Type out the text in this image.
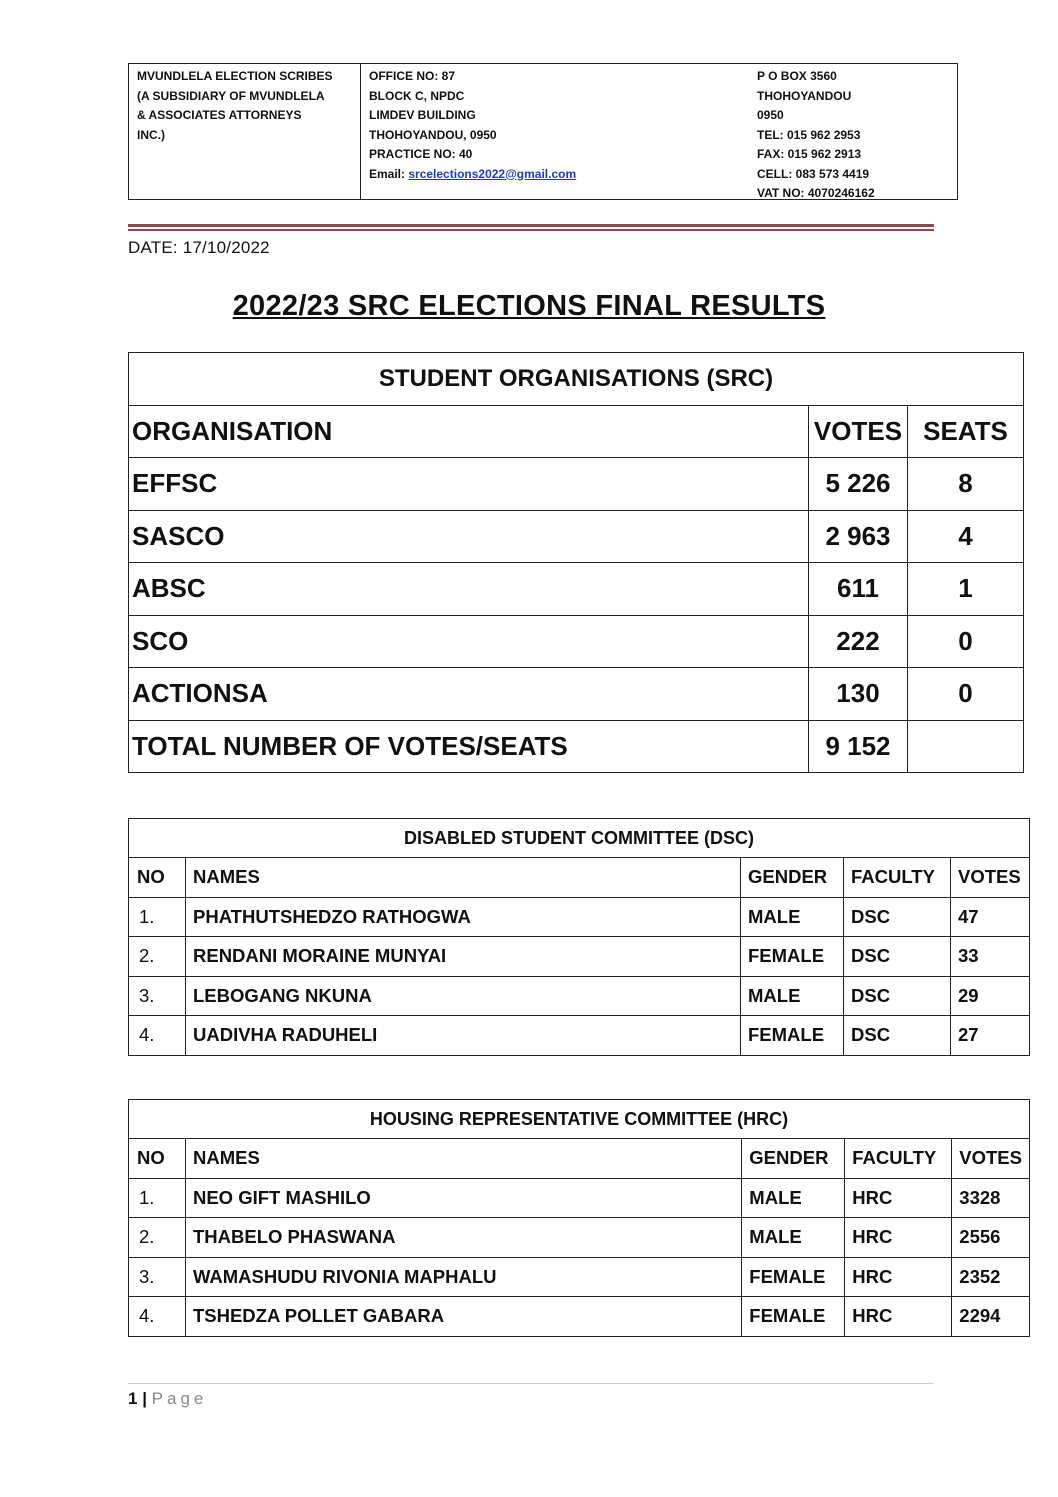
MVUNDLELA ELECTION SCRIBES
(A SUBSIDIARY OF MVUNDLELA
& ASSOCIATES ATTORNEYS
INC.)
OFFICE NO: 87
BLOCK C, NPDC
LIMDEV BUILDING
THOHOYANDOU, 0950
PRACTICE NO: 40
Email: srcelections2022@gmail.com
P O BOX 3560
THOHOYANDOU
0950
TEL: 015 962 2953
FAX: 015 962 2913
CELL: 083 573 4419
VAT NO: 4070246162
DATE: 17/10/2022
2022/23 SRC ELECTIONS FINAL RESULTS
STUDENT ORGANISATIONS (SRC)		
ORGANISATION	VOTES	SEATS
EFFSC	5 226	8
SASCO	2 963	4
ABSC	611	1
SCO	222	0
ACTIONSA	130	0
TOTAL NUMBER OF VOTES/SEATS	9 152	
DISABLED STUDENT COMMITTEE (DSC)				
NO	NAMES	GENDER	FACULTY	VOTES
1.	PHATHUTSHEDZO RATHOGWA	MALE	DSC	47
2.	RENDANI MORAINE MUNYAI	FEMALE	DSC	33
3.	LEBOGANG NKUNA	MALE	DSC	29
4.	UADIVHA RADUHELI	FEMALE	DSC	27
HOUSING REPRESENTATIVE COMMITTEE (HRC)				
NO	NAMES	GENDER	FACULTY	VOTES
1.	NEO GIFT MASHILO	MALE	HRC	3328
2.	THABELO PHASWANA	MALE	HRC	2556
3.	WAMASHUDU RIVONIA MAPHALU	FEMALE	HRC	2352
4.	TSHEDZA POLLET GABARA	FEMALE	HRC	2294
1 | Page
